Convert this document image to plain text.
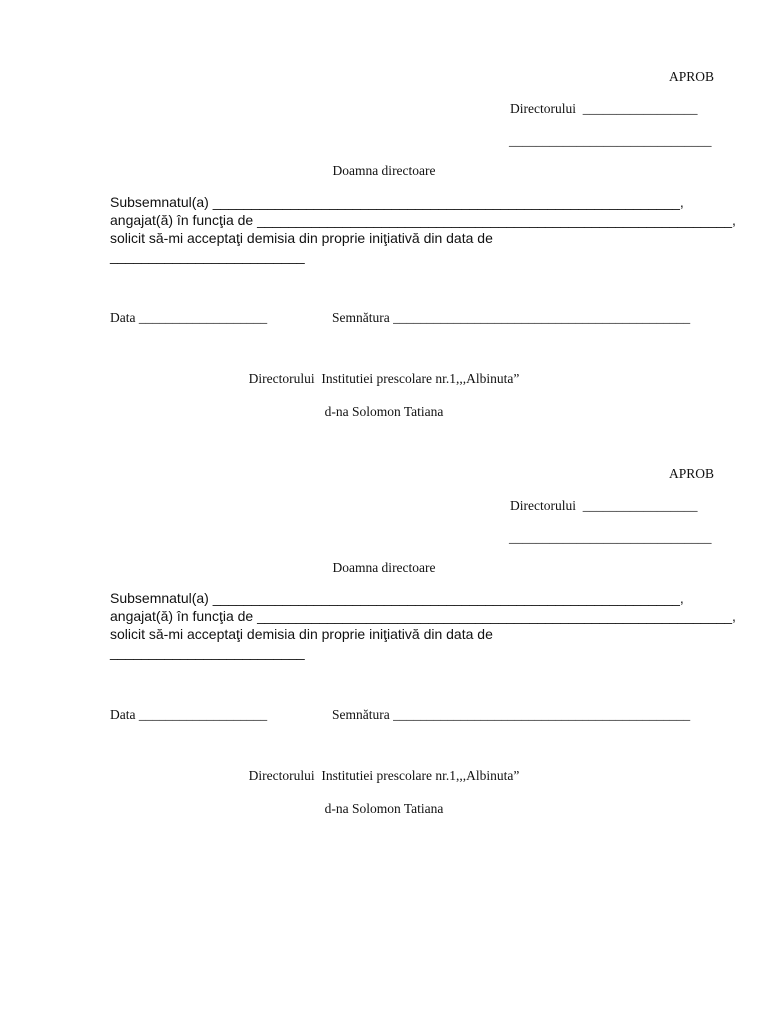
APROB
Directorului  _________________
______________________________
Doamna directoare
Subsemnatul(a) ____________________________________________________________,
angajat(ă) în funcţia de _____________________________________________________________,
solicit să-mi acceptaţi demisia din proprie iniţiativă din data de
_________________________
Data ___________________	Semnătura ____________________________________________
Directorului  Institutiei prescolare nr.1,,,Albinuta”
d-na Solomon Tatiana
APROB
Directorului  _________________
______________________________
Doamna directoare
Subsemnatul(a) ____________________________________________________________,
angajat(ă) în funcţia de _____________________________________________________________,
solicit să-mi acceptaţi demisia din proprie iniţiativă din data de
_________________________
Data ___________________	Semnătura ____________________________________________
Directorului  Institutiei prescolare nr.1,,,Albinuta”
d-na Solomon Tatiana
